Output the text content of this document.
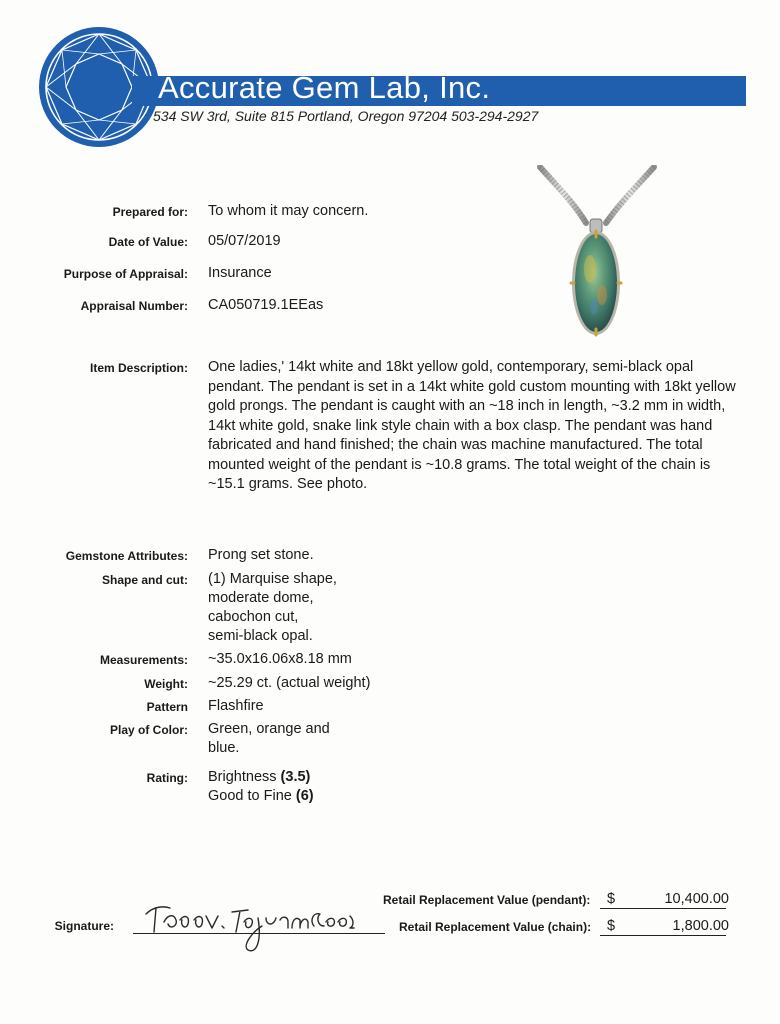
Accurate Gem Lab, Inc.
534 SW 3rd, Suite 815 Portland, Oregon 97204 503-294-2927
Prepared for: To whom it may concern.
Date of Value: 05/07/2019
Purpose of Appraisal: Insurance
Appraisal Number: CA050719.1EEas
Item Description: One ladies,' 14kt white and 18kt yellow gold, contemporary, semi-black opal pendant. The pendant is set in a 14kt white gold custom mounting with 18kt yellow gold prongs. The pendant is caught with an ~18 inch in length, ~3.2 mm in width, 14kt white gold, snake link style chain with a box clasp. The pendant was hand fabricated and hand finished; the chain was machine manufactured. The total mounted weight of the pendant is ~10.8 grams. The total weight of the chain is ~15.1 grams. See photo.
Gemstone Attributes: Prong set stone.
Shape and cut: (1) Marquise shape,
moderate dome,
cabochon cut,
semi-black opal.
Measurements: ~35.0x16.06x8.18 mm
Weight: ~25.29 ct. (actual weight)
Pattern Flashfire
Play of Color: Green, orange and
blue.
Rating: Brightness (3.5)
Good to Fine (6)
Retail Replacement Value (pendant): $	10,400.00
Signature:	Retail Replacement Value (chain): $	1,800.00
